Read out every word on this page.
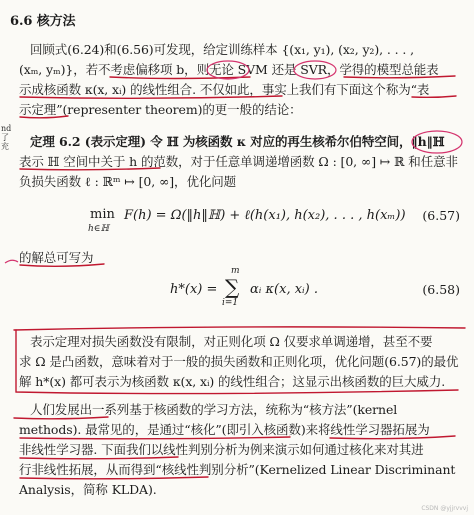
6.6 核方法
回顾式(6.24)和(6.56)可发现，给定训练样本 {(x₁, y₁), (x₂, y₂), . . . ,
(xₘ, yₘ)}，若不考虑偏移项 b，则无论 SVM 还是 SVR，学得的模型总能表
示成核函数 κ(x, xᵢ) 的线性组合. 不仅如此，事实上我们有下面这个称为“表
示定理”(representer theorem)的更一般的结论：
nd
了
充 定理 6.2 (表示定理) 令 ℍ 为核函数 κ 对应的再生核希尔伯特空间，‖h‖ℍ
表示 ℍ 空间中关于 h 的范数，对于任意单调递增函数 Ω : [0, ∞] ↦ ℝ 和任意非
负损失函数 ℓ : ℝᵐ ↦ [0, ∞]，优化问题
min
h∈ℍ
F(h) = Ω(‖h‖ℍ) + ℓ(h(x₁), h(x₂), . . . , h(xₘ)) (6.57)
的解总可写为
h*(x) =
m
∑
i=1
αᵢ κ(x, xᵢ) .	(6.58)
表示定理对损失函数没有限制，对正则化项 Ω 仅要求单调递增，甚至不要
求 Ω 是凸函数，意味着对于一般的损失函数和正则化项，优化问题(6.57)的最优
解 h*(x) 都可表示为核函数 κ(x, xᵢ) 的线性组合；这显示出核函数的巨大威力.
人们发展出一系列基于核函数的学习方法，统称为“核方法”(kernel
methods). 最常见的，是通过“核化”(即引入核函数)来将线性学习器拓展为
非线性学习器. 下面我们以线性判别分析为例来演示如何通过核化来对其进
行非线性拓展，从而得到“核线性判别分析”(Kernelized Linear Discriminant
Analysis，简称 KLDA).
CSDN @yjjrvvvj
